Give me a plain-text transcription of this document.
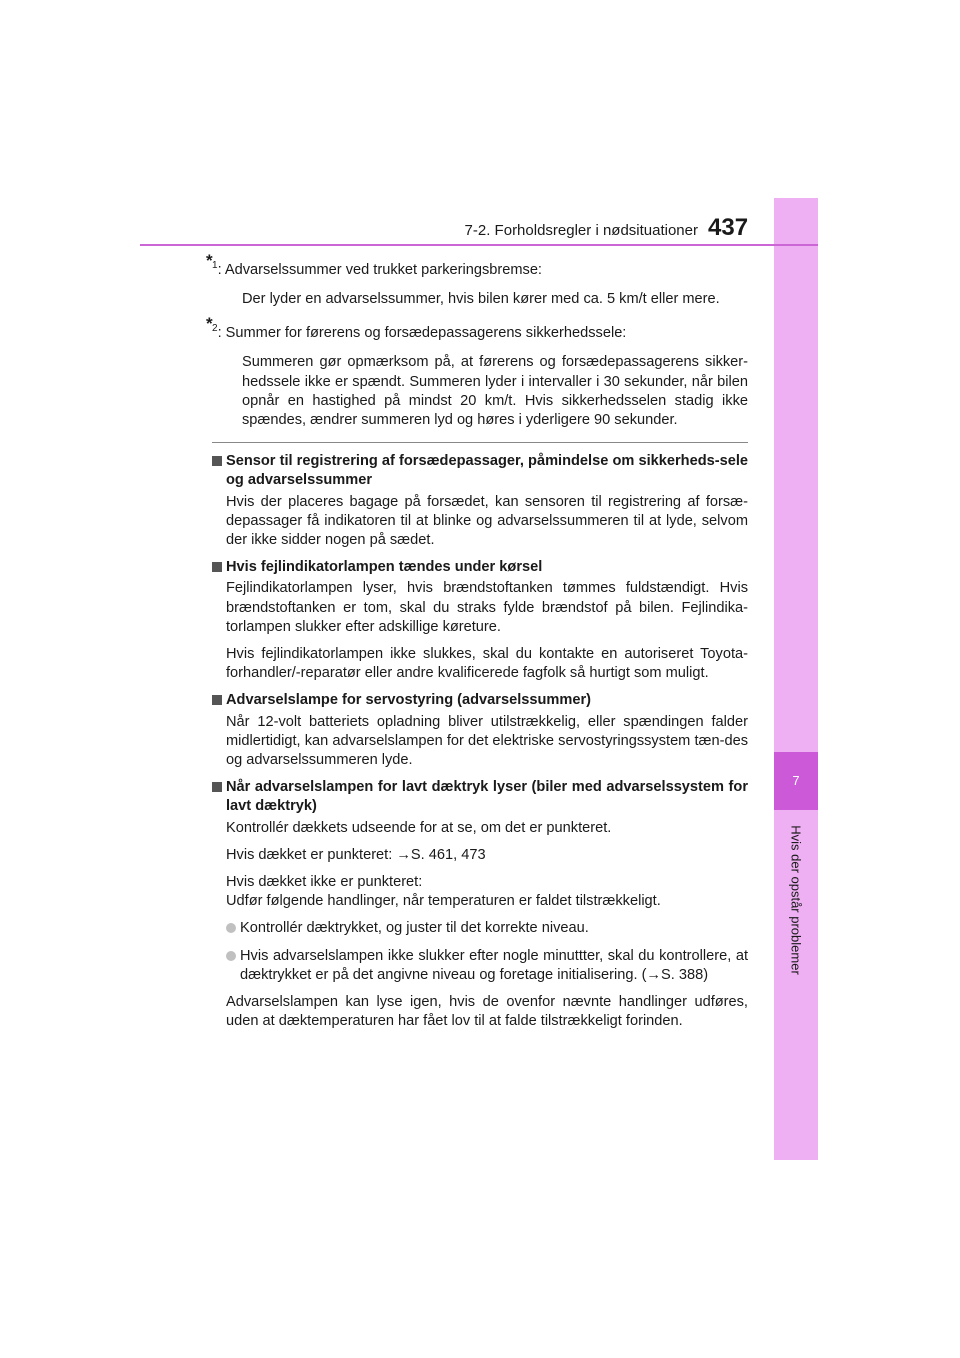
7
Hvis der opstår problemer
7-2. Forholdsregler i nødsituationer 437
* $^1$: Advarselssummer ved trukket parkeringsbremse:
Der lyder en advarselssummer, hvis bilen kører med ca. 5 km/t eller mere.
* $^2$: Summer for førerens og forsædepassagerens sikkerhedssele:
Summeren gør opmærksom på, at førerens og forsædepassagerens sikker-hedssele ikke er spændt. Summeren lyder i intervaller i 30 sekunder, når bilen opnår en hastighed på mindst 20 km/t. Hvis sikkerhedsselen stadig ikke spændes, ændrer summeren lyd og høres i yderligere 90 sekunder.
Sensor til registrering af forsædepassager, påmindelse om sikkerheds-sele og advarselssummer
Hvis der placeres bagage på forsædet, kan sensoren til registrering af forsæ-depassager få indikatoren til at blinke og advarselssummeren til at lyde, selvom der ikke sidder nogen på sædet.
Hvis fejlindikatorlampen tændes under kørsel
Fejlindikatorlampen lyser, hvis brændstoftanken tømmes fuldstændigt. Hvis brændstoftanken er tom, skal du straks fylde brændstof på bilen. Fejlindika-torlampen slukker efter adskillige køreture.
Hvis fejlindikatorlampen ikke slukkes, skal du kontakte en autoriseret Toyota-forhandler/-reparatør eller andre kvalificerede fagfolk så hurtigt som muligt.
Advarselslampe for servostyring (advarselssummer)
Når 12-volt batteriets opladning bliver utilstrækkelig, eller spændingen falder midlertidigt, kan advarselslampen for det elektriske servostyringssystem tæn-des og advarselssummeren lyde.
Når advarselslampen for lavt dæktryk lyser (biler med advarselssystem for lavt dæktryk)
Kontrollér dækkets udseende for at se, om det er punkteret.
Hvis dækket er punkteret: →S. 461, 473
Hvis dækket ikke er punkteret:
Udfør følgende handlinger, når temperaturen er faldet tilstrækkeligt.
Kontrollér dæktrykket, og juster til det korrekte niveau.
Hvis advarselslampen ikke slukker efter nogle minuttter, skal du kontrollere, at dæktrykket er på det angivne niveau og foretage initialisering. (→S. 388)
Advarselslampen kan lyse igen, hvis de ovenfor nævnte handlinger udføres, uden at dæktemperaturen har fået lov til at falde tilstrækkeligt forinden.
